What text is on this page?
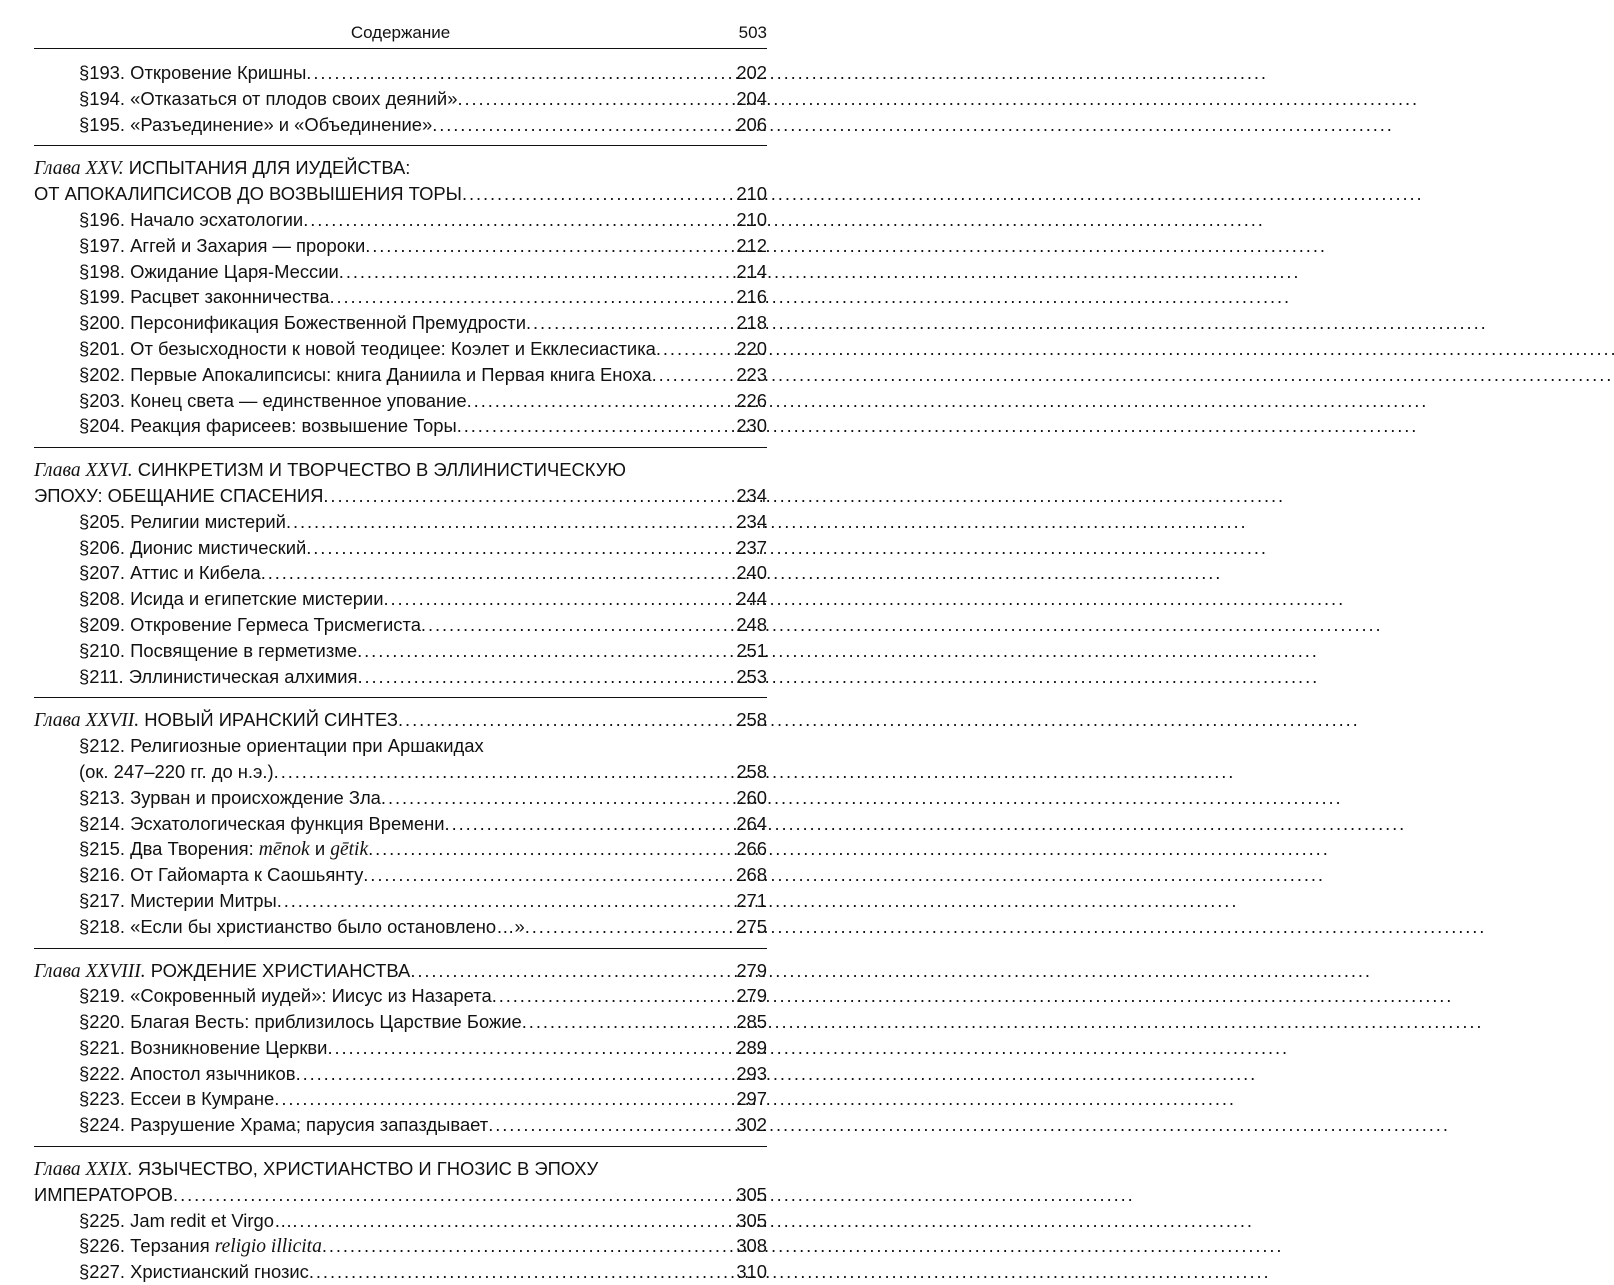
Содержание	503
§193. Откровение Кришны . . .	202
§194. «Отказаться от плодов своих деяний» . . .	204
§195. «Разъединение» и «Объединение» . . .	206
Глава XXV. ИСПЫТАНИЯ ДЛЯ ИУДЕЙСТВА:
ОТ АПОКАЛИПСИСОВ ДО ВОЗВЫШЕНИЯ ТОРЫ . . .	210
§196. Начало эсхатологии . . .	210
§197. Аггей и Захария — пророки . . .	212
§198. Ожидание Царя-Мессии . . .	214
§199. Расцвет законничества . . .	216
§200. Персонификация Божественной Премудрости . . .	218
§201. От безысходности к новой теодицее: Коэлет и Екклесиастика . . .	220
§202. Первые Апокалипсисы: книга Даниила и Первая книга Еноха . . .	223
§203. Конец света — единственное упование . . .	226
§204. Реакция фарисеев: возвышение Торы . . .	230
Глава XXVI. СИНКРЕТИЗМ И ТВОРЧЕСТВО В ЭЛЛИНИСТИЧЕСКУЮ
ЭПОХУ: ОБЕЩАНИЕ СПАСЕНИЯ . . .	234
§205. Религии мистерий . . .	234
§206. Дионис мистический . . .	237
§207. Аттис и Кибела . . .	240
§208. Исида и египетские мистерии . . .	244
§209. Откровение Гермеса Трисмегиста . . .	248
§210. Посвящение в герметизме . . .	251
§211. Эллинистическая алхимия . . .	253
Глава XXVII. НОВЫЙ ИРАНСКИЙ СИНТЕЗ . . .	258
§212. Религиозные ориентации при Аршакидах
(ок. 247–220 гг. до н.э.) . . .	258
§213. Зурван и происхождение Зла . . .	260
§214. Эсхатологическая функция Времени . . .	264
§215. Два Творения: mēnok и gētik . . .	266
§216. От Гайомарта к Саошьянту . . .	268
§217. Мистерии Митры . . .	271
§218. «Если бы христианство было остановлено…» . . .	275
Глава XXVIII. РОЖДЕНИЕ ХРИСТИАНСТВА . . .	279
§219. «Сокровенный иудей»: Иисус из Назарета . . .	279
§220. Благая Весть: приблизилось Царствие Божие . . .	285
§221. Возникновение Церкви . . .	289
§222. Апостол язычников . . .	293
§223. Ессеи в Кумране . . .	297
§224. Разрушение Храма; парусия запаздывает . . .	302
Глава XXIX. ЯЗЫЧЕСТВО, ХРИСТИАНСТВО И ГНОЗИС В ЭПОХУ
ИМПЕРАТОРОВ . . .	305
§225. Jam redit et Virgo… . . .	305
§226. Терзания religio illicita . . .	308
§227. Христианский гнозис . . .	310
